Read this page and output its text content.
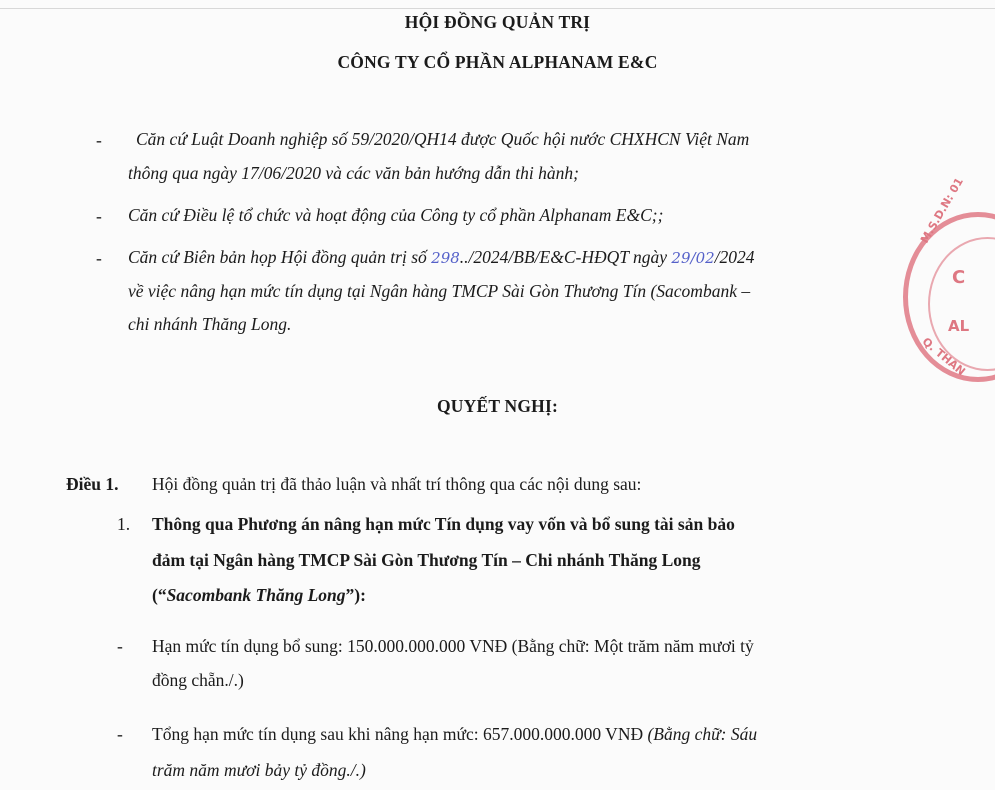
HỘI ĐỒNG QUẢN TRỊ
CÔNG TY CỔ PHẦN ALPHANAM E&C
- Căn cứ Luật Doanh nghiệp số 59/2020/QH14 được Quốc hội nước CHXHCN Việt Nam
thông qua ngày 17/06/2020 và các văn bản hướng dẫn thi hành;
- Căn cứ Điều lệ tổ chức và hoạt động của Công ty cổ phần Alphanam E&C;;
- Căn cứ Biên bản họp Hội đồng quản trị số 298../2024/BB/E&C-HĐQT ngày 29/02/2024
về việc nâng hạn mức tín dụng tại Ngân hàng TMCP Sài Gòn Thương Tín (Sacombank –
chi nhánh Thăng Long.
M.S.D.N: 01
C
AL
Q. THAN
QUYẾT NGHỊ:
Điều 1. Hội đồng quản trị đã thảo luận và nhất trí thông qua các nội dung sau:
1. Thông qua Phương án nâng hạn mức Tín dụng vay vốn và bổ sung tài sản bảo
đảm tại Ngân hàng TMCP Sài Gòn Thương Tín – Chi nhánh Thăng Long
(“Sacombank Thăng Long”):
- Hạn mức tín dụng bổ sung: 150.000.000.000 VNĐ (Bằng chữ: Một trăm năm mươi tỷ
đồng chẵn./.)
- Tổng hạn mức tín dụng sau khi nâng hạn mức: 657.000.000.000 VNĐ (Bằng chữ: Sáu
trăm năm mươi bảy tỷ đồng./.)
